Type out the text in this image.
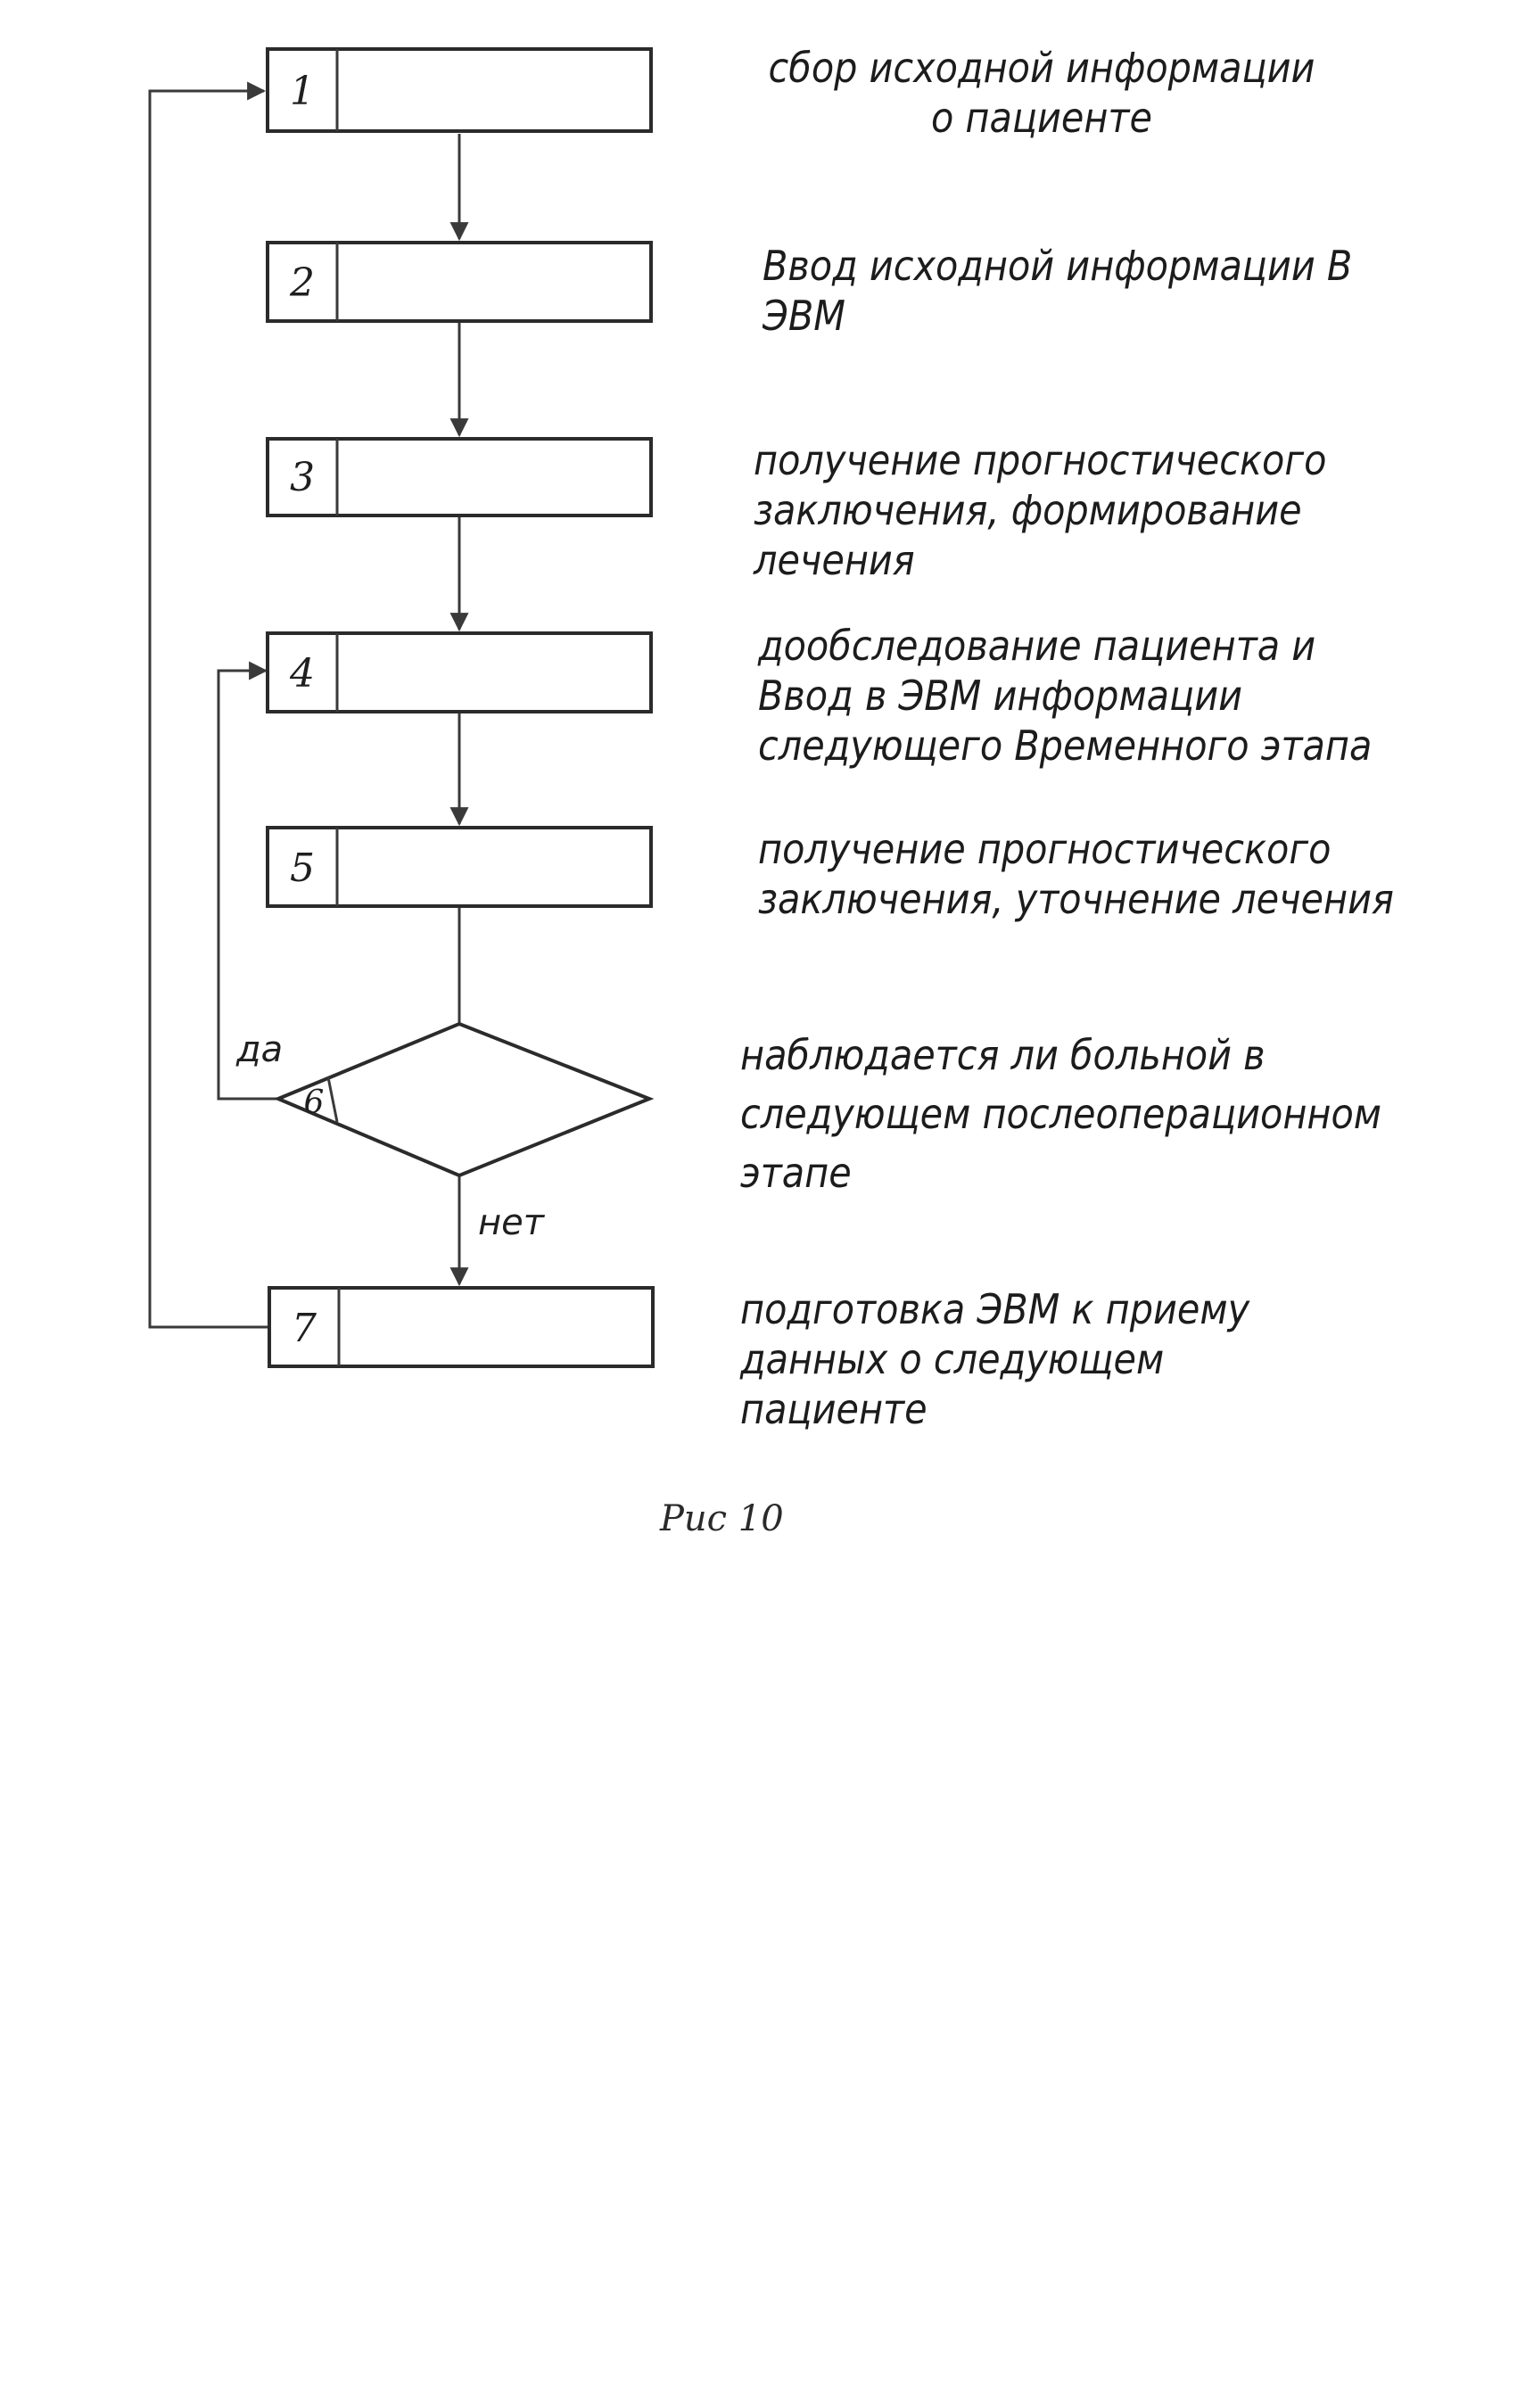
1
2
3
4
5
6
7
да
нет
сбор исходной информации
о пациенте
Ввод исходной информации В ЭВМ
получение прогностического
заключения, формирование
лечения
дообследование пациента и
Ввод в ЭВМ информации
следующего Временного этапа
получение прогностического
заключения, уточнение лечения
наблюдается ли больной в
следующем послеоперационном
этапе
подготовка ЭВМ к приему
данных о следующем
пациенте
Рис 10
